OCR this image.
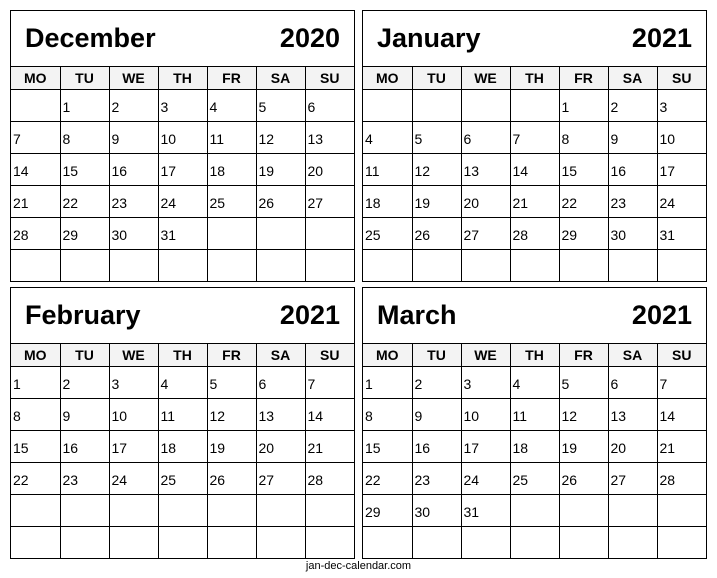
December	2020
MO	TU	WE	TH	FR	SA	SU

	1	2	3	4	5	6

7	8	9	10	11	12	13

14	15	16	17	18	19	20

21	22	23	24	25	26	27

28	29	30	31			

January	2021
MO	TU	WE	TH	FR	SA	SU

				1	2	3

4	5	6	7	8	9	10

11	12	13	14	15	16	17

18	19	20	21	22	23	24

25	26	27	28	29	30	31

February	2021
MO	TU	WE	TH	FR	SA	SU

1	2	3	4	5	6	7

8	9	10	11	12	13	14

15	16	17	18	19	20	21

22	23	24	25	26	27	28

March	2021
MO	TU	WE	TH	FR	SA	SU

1	2	3	4	5	6	7

8	9	10	11	12	13	14

15	16	17	18	19	20	21

22	23	24	25	26	27	28

29	30	31				

jan-dec-calendar.com
